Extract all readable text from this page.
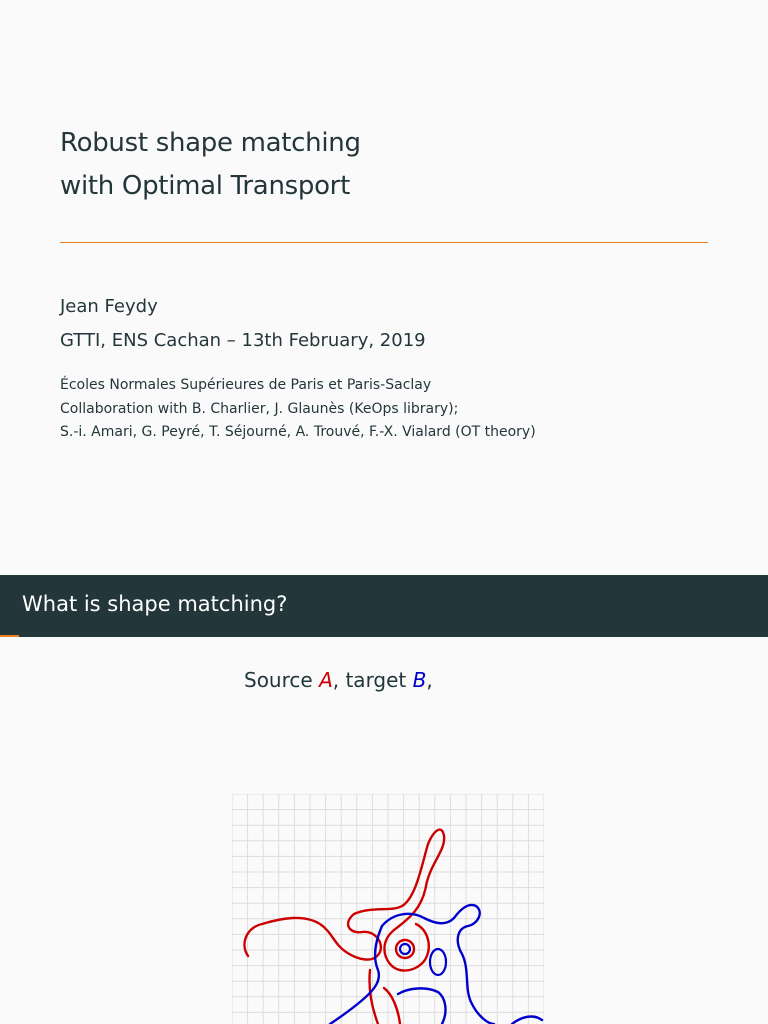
Robust shape matching
with Optimal Transport
Jean Feydy
GTTI, ENS Cachan – 13th February, 2019
Écoles Normales Supérieures de Paris et Paris-Saclay
Collaboration with B. Charlier, J. Glaunès (KeOps library);
S.-i. Amari, G. Peyré, T. Séjourné, A. Trouvé, F.-X. Vialard (OT theory)
What is shape matching?
Source A, target B,
